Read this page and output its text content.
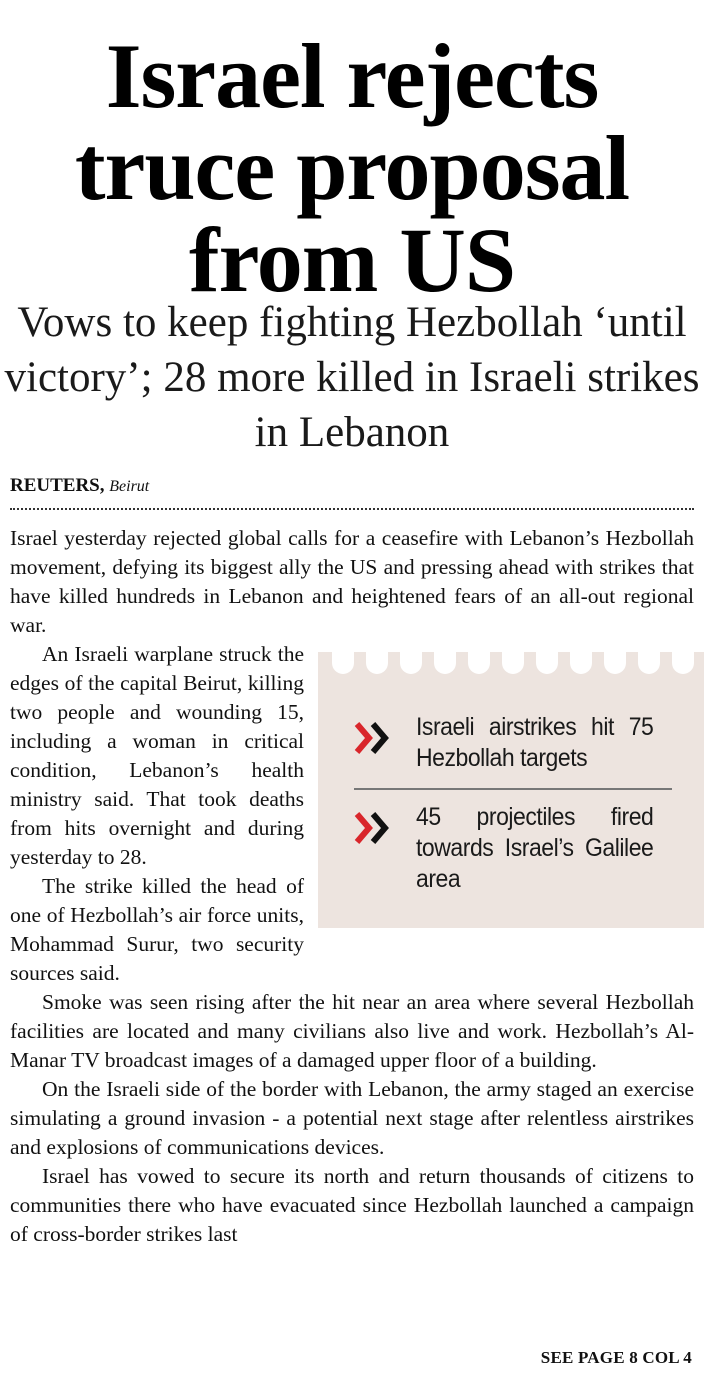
Israel rejects truce proposal from US
Vows to keep fighting Hezbollah ‘until victory’; 28 more killed in Israeli strikes in Lebanon
REUTERS, Beirut

Israel yesterday rejected global calls for a ceasefire with Lebanon’s Hezbollah movement, defying its biggest ally the US and pressing ahead with strikes that have killed hundreds in Lebanon and heightened fears of an all-out regional war.

Israeli airstrikes hit 75 Hezbollah targets
45 projectiles fired towards Israel’s Galilee area

An Israeli warplane struck the edges of the capital Beirut, killing two people and wounding 15, including a woman in critical condition, Lebanon’s health ministry said. That took deaths from hits overnight and during yesterday to 28.

The strike killed the head of one of Hezbollah’s air force units, Mohammad Surur, two security sources said.

Smoke was seen rising after the hit near an area where several Hezbollah facilities are located and many civilians also live and work. Hezbollah’s Al-Manar TV broadcast images of a damaged upper floor of a building.

On the Israeli side of the border with Lebanon, the army staged an exercise simulating a ground invasion - a potential next stage after relentless airstrikes and explosions of communications devices.

Israel has vowed to secure its north and return thousands of citizens to communities there who have evacuated since Hezbollah launched a campaign of cross-border strikes last

SEE PAGE 8 COL 4
